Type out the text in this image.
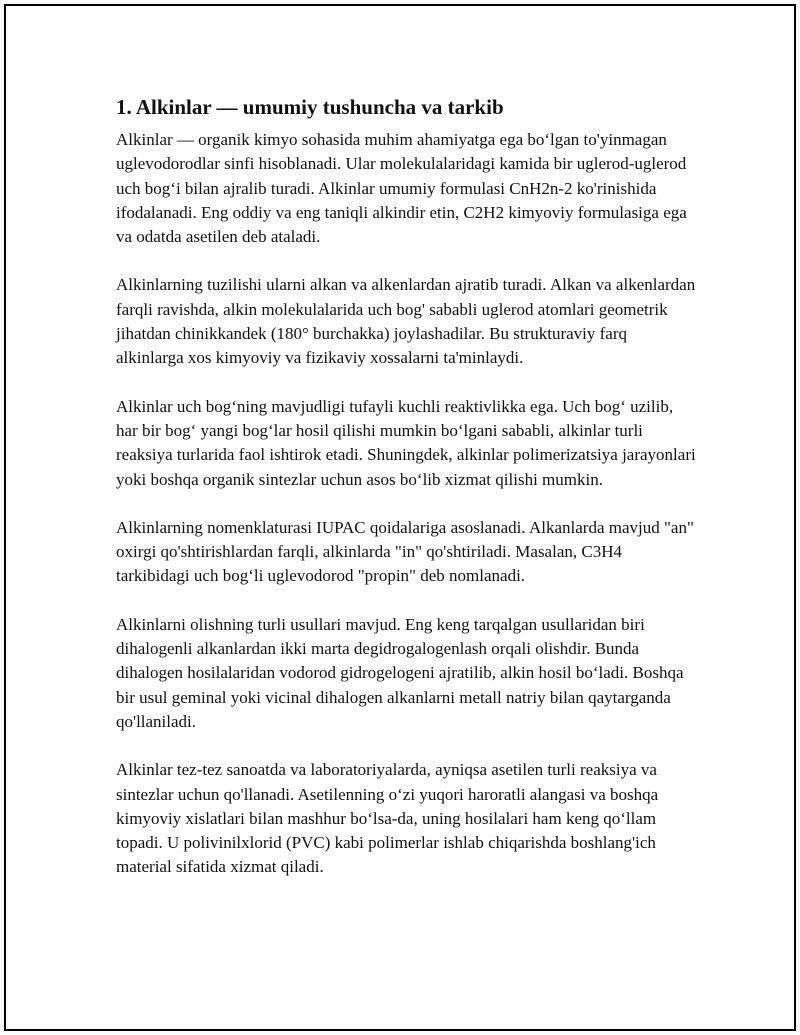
1. Alkinlar — umumiy tushuncha va tarkib

Alkinlar — organik kimyo sohasida muhim ahamiyatga ega bo‘lgan to'yinmagan uglevodorodlar sinfi hisoblanadi. Ular molekulalaridagi kamida bir uglerod-uglerod uch bog‘i bilan ajralib turadi. Alkinlar umumiy formulasi CnH2n-2 ko'rinishida ifodalanadi. Eng oddiy va eng taniqli alkindir etin, C2H2 kimyoviy formulasiga ega va odatda asetilen deb ataladi.

Alkinlarning tuzilishi ularni alkan va alkenlardan ajratib turadi. Alkan va alkenlardan farqli ravishda, alkin molekulalarida uch bog' sababli uglerod atomlari geometrik jihatdan chinikkandek (180° burchakka) joylashadilar. Bu strukturaviy farq alkinlarga xos kimyoviy va fizikaviy xossalarni ta'minlaydi.

Alkinlar uch bog‘ning mavjudligi tufayli kuchli reaktivlikka ega. Uch bog‘ uzilib, har bir bog‘ yangi bog‘lar hosil qilishi mumkin bo‘lgani sababli, alkinlar turli reaksiya turlarida faol ishtirok etadi. Shuningdek, alkinlar polimerizatsiya jarayonlari yoki boshqa organik sintezlar uchun asos bo‘lib xizmat qilishi mumkin.

Alkinlarning nomenklaturasi IUPAC qoidalariga asoslanadi. Alkanlarda mavjud "an" oxirgi qo'shtirishlardan farqli, alkinlarda "in" qo'shtiriladi. Masalan, C3H4 tarkibidagi uch bog‘li uglevodorod "propin" deb nomlanadi.

Alkinlarni olishning turli usullari mavjud. Eng keng tarqalgan usullaridan biri dihalogenli alkanlardan ikki marta degidrogalogenlash orqali olishdir. Bunda dihalogen hosilalaridan vodorod gidrogelogeni ajratilib, alkin hosil bo‘ladi. Boshqa bir usul geminal yoki vicinal dihalogen alkanlarni metall natriy bilan qaytarganda qo'llaniladi.

Alkinlar tez-tez sanoatda va laboratoriyalarda, ayniqsa asetilen turli reaksiya va sintezlar uchun qo'llanadi. Asetilenning o‘zi yuqori haroratli alangasi va boshqa kimyoviy xislatlari bilan mashhur bo‘lsa-da, uning hosilalari ham keng qo‘llam topadi. U polivinilxlorid (PVC) kabi polimerlar ishlab chiqarishda boshlang'ich material sifatida xizmat qiladi.
